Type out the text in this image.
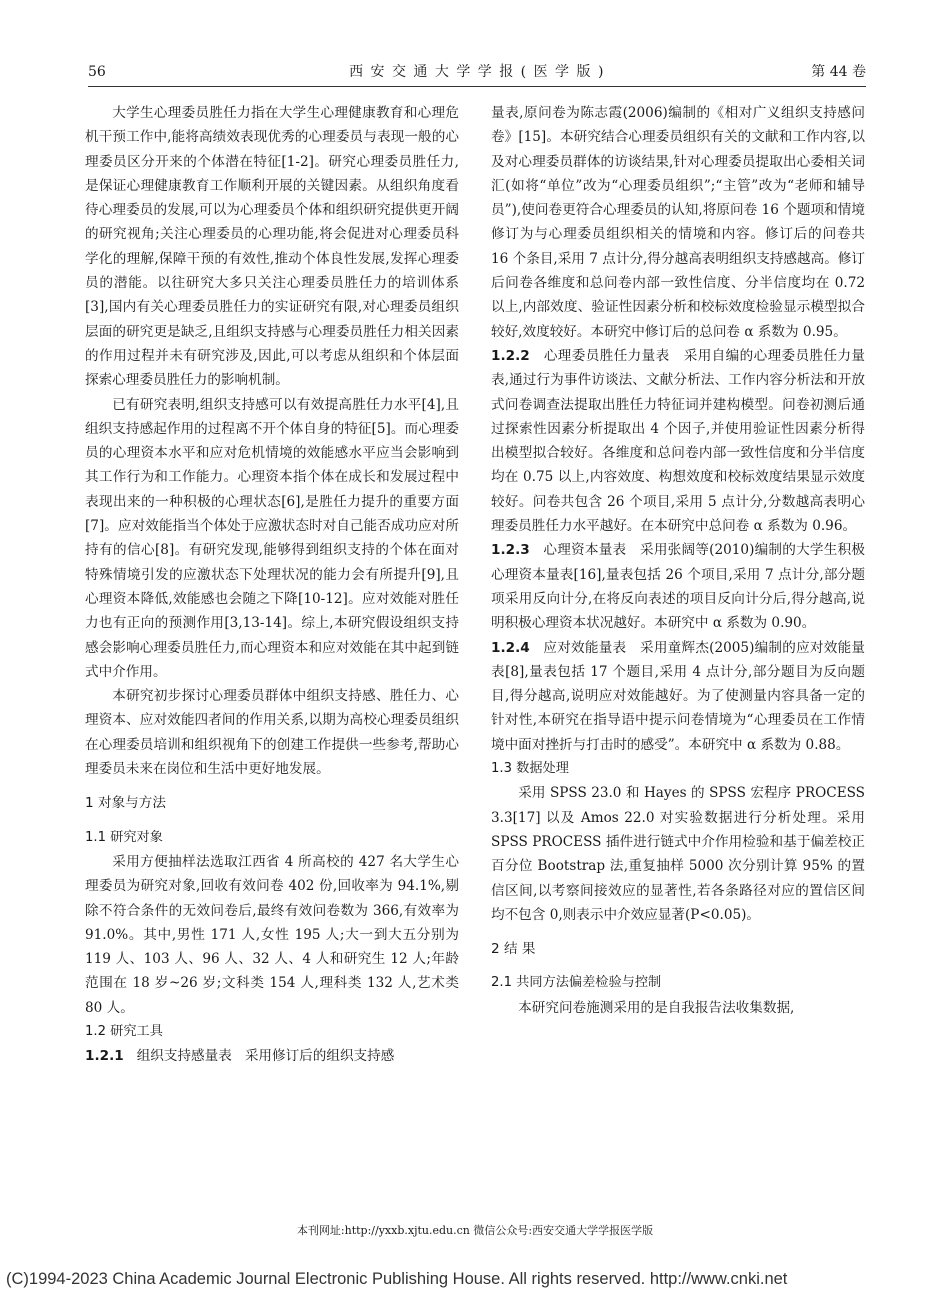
56	西 安 交 通 大 学 学 报 ( 医 学 版 )	第 44 卷

大学生心理委员胜任力指在大学生心理健康教育和心理危机干预工作中,能将高绩效表现优秀的心理委员与表现一般的心理委员区分开来的个体潜在特征[1-2]。研究心理委员胜任力,是保证心理健康教育工作顺利开展的关键因素。从组织角度看待心理委员的发展,可以为心理委员个体和组织研究提供更开阔的研究视角;关注心理委员的心理功能,将会促进对心理委员科学化的理解,保障干预的有效性,推动个体良性发展,发挥心理委员的潜能。以往研究大多只关注心理委员胜任力的培训体系[3],国内有关心理委员胜任力的实证研究有限,对心理委员组织层面的研究更是缺乏,且组织支持感与心理委员胜任力相关因素的作用过程并未有研究涉及,因此,可以考虑从组织和个体层面探索心理委员胜任力的影响机制。

已有研究表明,组织支持感可以有效提高胜任力水平[4],且组织支持感起作用的过程离不开个体自身的特征[5]。而心理委员的心理资本水平和应对危机情境的效能感水平应当会影响到其工作行为和工作能力。心理资本指个体在成长和发展过程中表现出来的一种积极的心理状态[6],是胜任力提升的重要方面[7]。应对效能指当个体处于应激状态时对自己能否成功应对所持有的信心[8]。有研究发现,能够得到组织支持的个体在面对特殊情境引发的应激状态下处理状况的能力会有所提升[9],且心理资本降低,效能感也会随之下降[10-12]。应对效能对胜任力也有正向的预测作用[3,13-14]。综上,本研究假设组织支持感会影响心理委员胜任力,而心理资本和应对效能在其中起到链式中介作用。

本研究初步探讨心理委员群体中组织支持感、胜任力、心理资本、应对效能四者间的作用关系,以期为高校心理委员组织在心理委员培训和组织视角下的创建工作提供一些参考,帮助心理委员未来在岗位和生活中更好地发展。

1 对象与方法
1.1 研究对象

采用方便抽样法选取江西省 4 所高校的 427 名大学生心理委员为研究对象,回收有效问卷 402 份,回收率为 94.1%,剔除不符合条件的无效问卷后,最终有效问卷数为 366,有效率为 91.0%。其中,男性 171 人,女性 195 人;大一到大五分别为 119 人、103 人、96 人、32 人、4 人和研究生 12 人;年龄范围在 18 岁~26 岁;文科类 154 人,理科类 132 人,艺术类 80 人。

1.2 研究工具

1.2.1 组织支持感量表 采用修订后的组织支持感

量表,原问卷为陈志霞(2006)编制的《相对广义组织支持感问卷》[15]。本研究结合心理委员组织有关的文献和工作内容,以及对心理委员群体的访谈结果,针对心理委员提取出心委相关词汇(如将“单位”改为“心理委员组织”;“主管”改为“老师和辅导员”),使问卷更符合心理委员的认知,将原问卷 16 个题项和情境修订为与心理委员组织相关的情境和内容。修订后的问卷共 16 个条目,采用 7 点计分,得分越高表明组织支持感越高。修订后问卷各维度和总问卷内部一致性信度、分半信度均在 0.72 以上,内部效度、验证性因素分析和校标效度检验显示模型拟合较好,效度较好。本研究中修订后的总问卷 α 系数为 0.95。

1.2.2 心理委员胜任力量表 采用自编的心理委员胜任力量表,通过行为事件访谈法、文献分析法、工作内容分析法和开放式问卷调查法提取出胜任力特征词并建构模型。问卷初测后通过探索性因素分析提取出 4 个因子,并使用验证性因素分析得出模型拟合较好。各维度和总问卷内部一致性信度和分半信度均在 0.75 以上,内容效度、构想效度和校标效度结果显示效度较好。问卷共包含 26 个项目,采用 5 点计分,分数越高表明心理委员胜任力水平越好。在本研究中总问卷 α 系数为 0.96。

1.2.3 心理资本量表 采用张阔等(2010)编制的大学生积极心理资本量表[16],量表包括 26 个项目,采用 7 点计分,部分题项采用反向计分,在将反向表述的项目反向计分后,得分越高,说明积极心理资本状况越好。本研究中 α 系数为 0.90。

1.2.4 应对效能量表 采用童辉杰(2005)编制的应对效能量表[8],量表包括 17 个题目,采用 4 点计分,部分题目为反向题目,得分越高,说明应对效能越好。为了使测量内容具备一定的针对性,本研究在指导语中提示问卷情境为“心理委员在工作情境中面对挫折与打击时的感受”。本研究中 α 系数为 0.88。

1.3 数据处理

采用 SPSS 23.0 和 Hayes 的 SPSS 宏程序 PROCESS 3.3[17] 以及 Amos 22.0 对实验数据进行分析处理。采用 SPSS PROCESS 插件进行链式中介作用检验和基于偏差校正百分位 Bootstrap 法,重复抽样 5000 次分别计算 95% 的置信区间,以考察间接效应的显著性,若各条路径对应的置信区间均不包含 0,则表示中介效应显著(P<0.05)。

2 结 果
2.1 共同方法偏差检验与控制

本研究问卷施测采用的是自我报告法收集数据,

本刊网址:http://yxxb.xjtu.edu.cn 微信公众号:西安交通大学学报医学版
(C)1994-2023 China Academic Journal Electronic Publishing House. All rights reserved. http://www.cnki.net
